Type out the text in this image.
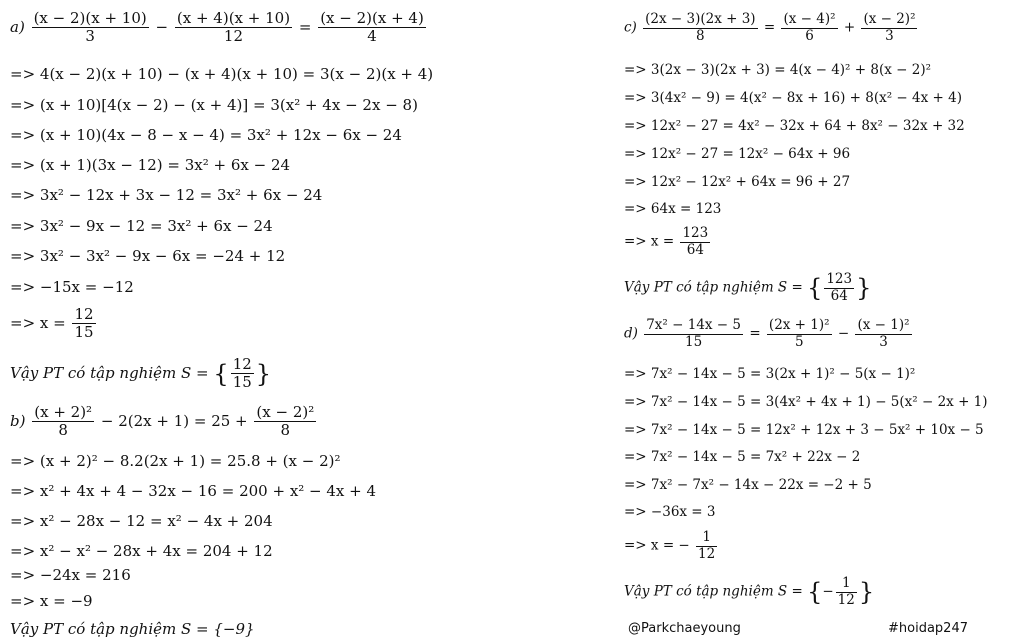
$a) \frac{(x - 2)(x + 10)}{3} - \frac{(x + 4)(x + 10)}{12} = \frac{(x - 2)(x + 4)}{4}$
=> 4(x − 2)(x + 10) − (x + 4)(x + 10) = 3(x − 2)(x + 4)
=> (x + 10)[4(x − 2) − (x + 4)] = 3(x² + 4x − 2x − 8)
=> (x + 10)(4x − 8 − x − 4) = 3x² + 12x − 6x − 24
=> (x + 1)(3x − 12) = 3x² + 6x − 24
=> 3x² − 12x + 3x − 12 = 3x² + 6x − 24
=> 3x² − 9x − 12 = 3x² + 6x − 24
=> 3x² − 3x² − 9x − 6x = −24 + 12
=> −15x = −12
=> $x = \frac{12}{15}$
Vậy PT có tập nghiệm S = { $\frac{12}{15}$ }
$b) \frac{\text{(x + 2)²}}{8} - 2(2x + 1) = 25 + \frac{\text{(x − 2)²}}{8}$
=> (x + 2)² − 8.2(2x + 1) = 25.8 + (x − 2)²
=> x² + 4x + 4 − 32x − 16 = 200 + x² − 4x + 4
=> x² − 28x − 12 = x² − 4x + 204
=> x² − x² − 28x + 4x = 204 + 12
=> −24x = 216
=> x = −9
Vậy PT có tập nghiệm S = {−9}
$c) \frac{(2x - 3)(2x + 3)}{8} = \frac{\text{(x − 4)²}}{6} + \frac{\text{(x − 2)²}}{3}$
=> 3(2x − 3)(2x + 3) = 4(x − 4)² + 8(x − 2)²
=> 3(4x² − 9) = 4(x² − 8x + 16) + 8(x² − 4x + 4)
=> 12x² − 27 = 4x² − 32x + 64 + 8x² − 32x + 32
=> 12x² − 27 = 12x² − 64x + 96
=> 12x² − 12x² + 64x = 96 + 27
=> 64x = 123
=> $x = \frac{123}{64}$
Vậy PT có tập nghiệm S = { $\frac{123}{64}$ }
$d) \frac{\text{7x² − 14x − 5}}{15} = \frac{\text{(2x + 1)²}}{5} - \frac{\text{(x − 1)²}}{3}$
=> 7x² − 14x − 5 = 3(2x + 1)² − 5(x − 1)²
=> 7x² − 14x − 5 = 3(4x² + 4x + 1) − 5(x² − 2x + 1)
=> 7x² − 14x − 5 = 12x² + 12x + 3 − 5x² + 10x − 5
=> 7x² − 14x − 5 = 7x² + 22x − 2
=> 7x² − 7x² − 14x − 22x = −2 + 5
=> −36x = 3
=> x = − $\frac{1}{12}$
Vậy PT có tập nghiệm S = {− $\frac{1}{12}$ }
@Parkchaeyoung	#hoidap247
